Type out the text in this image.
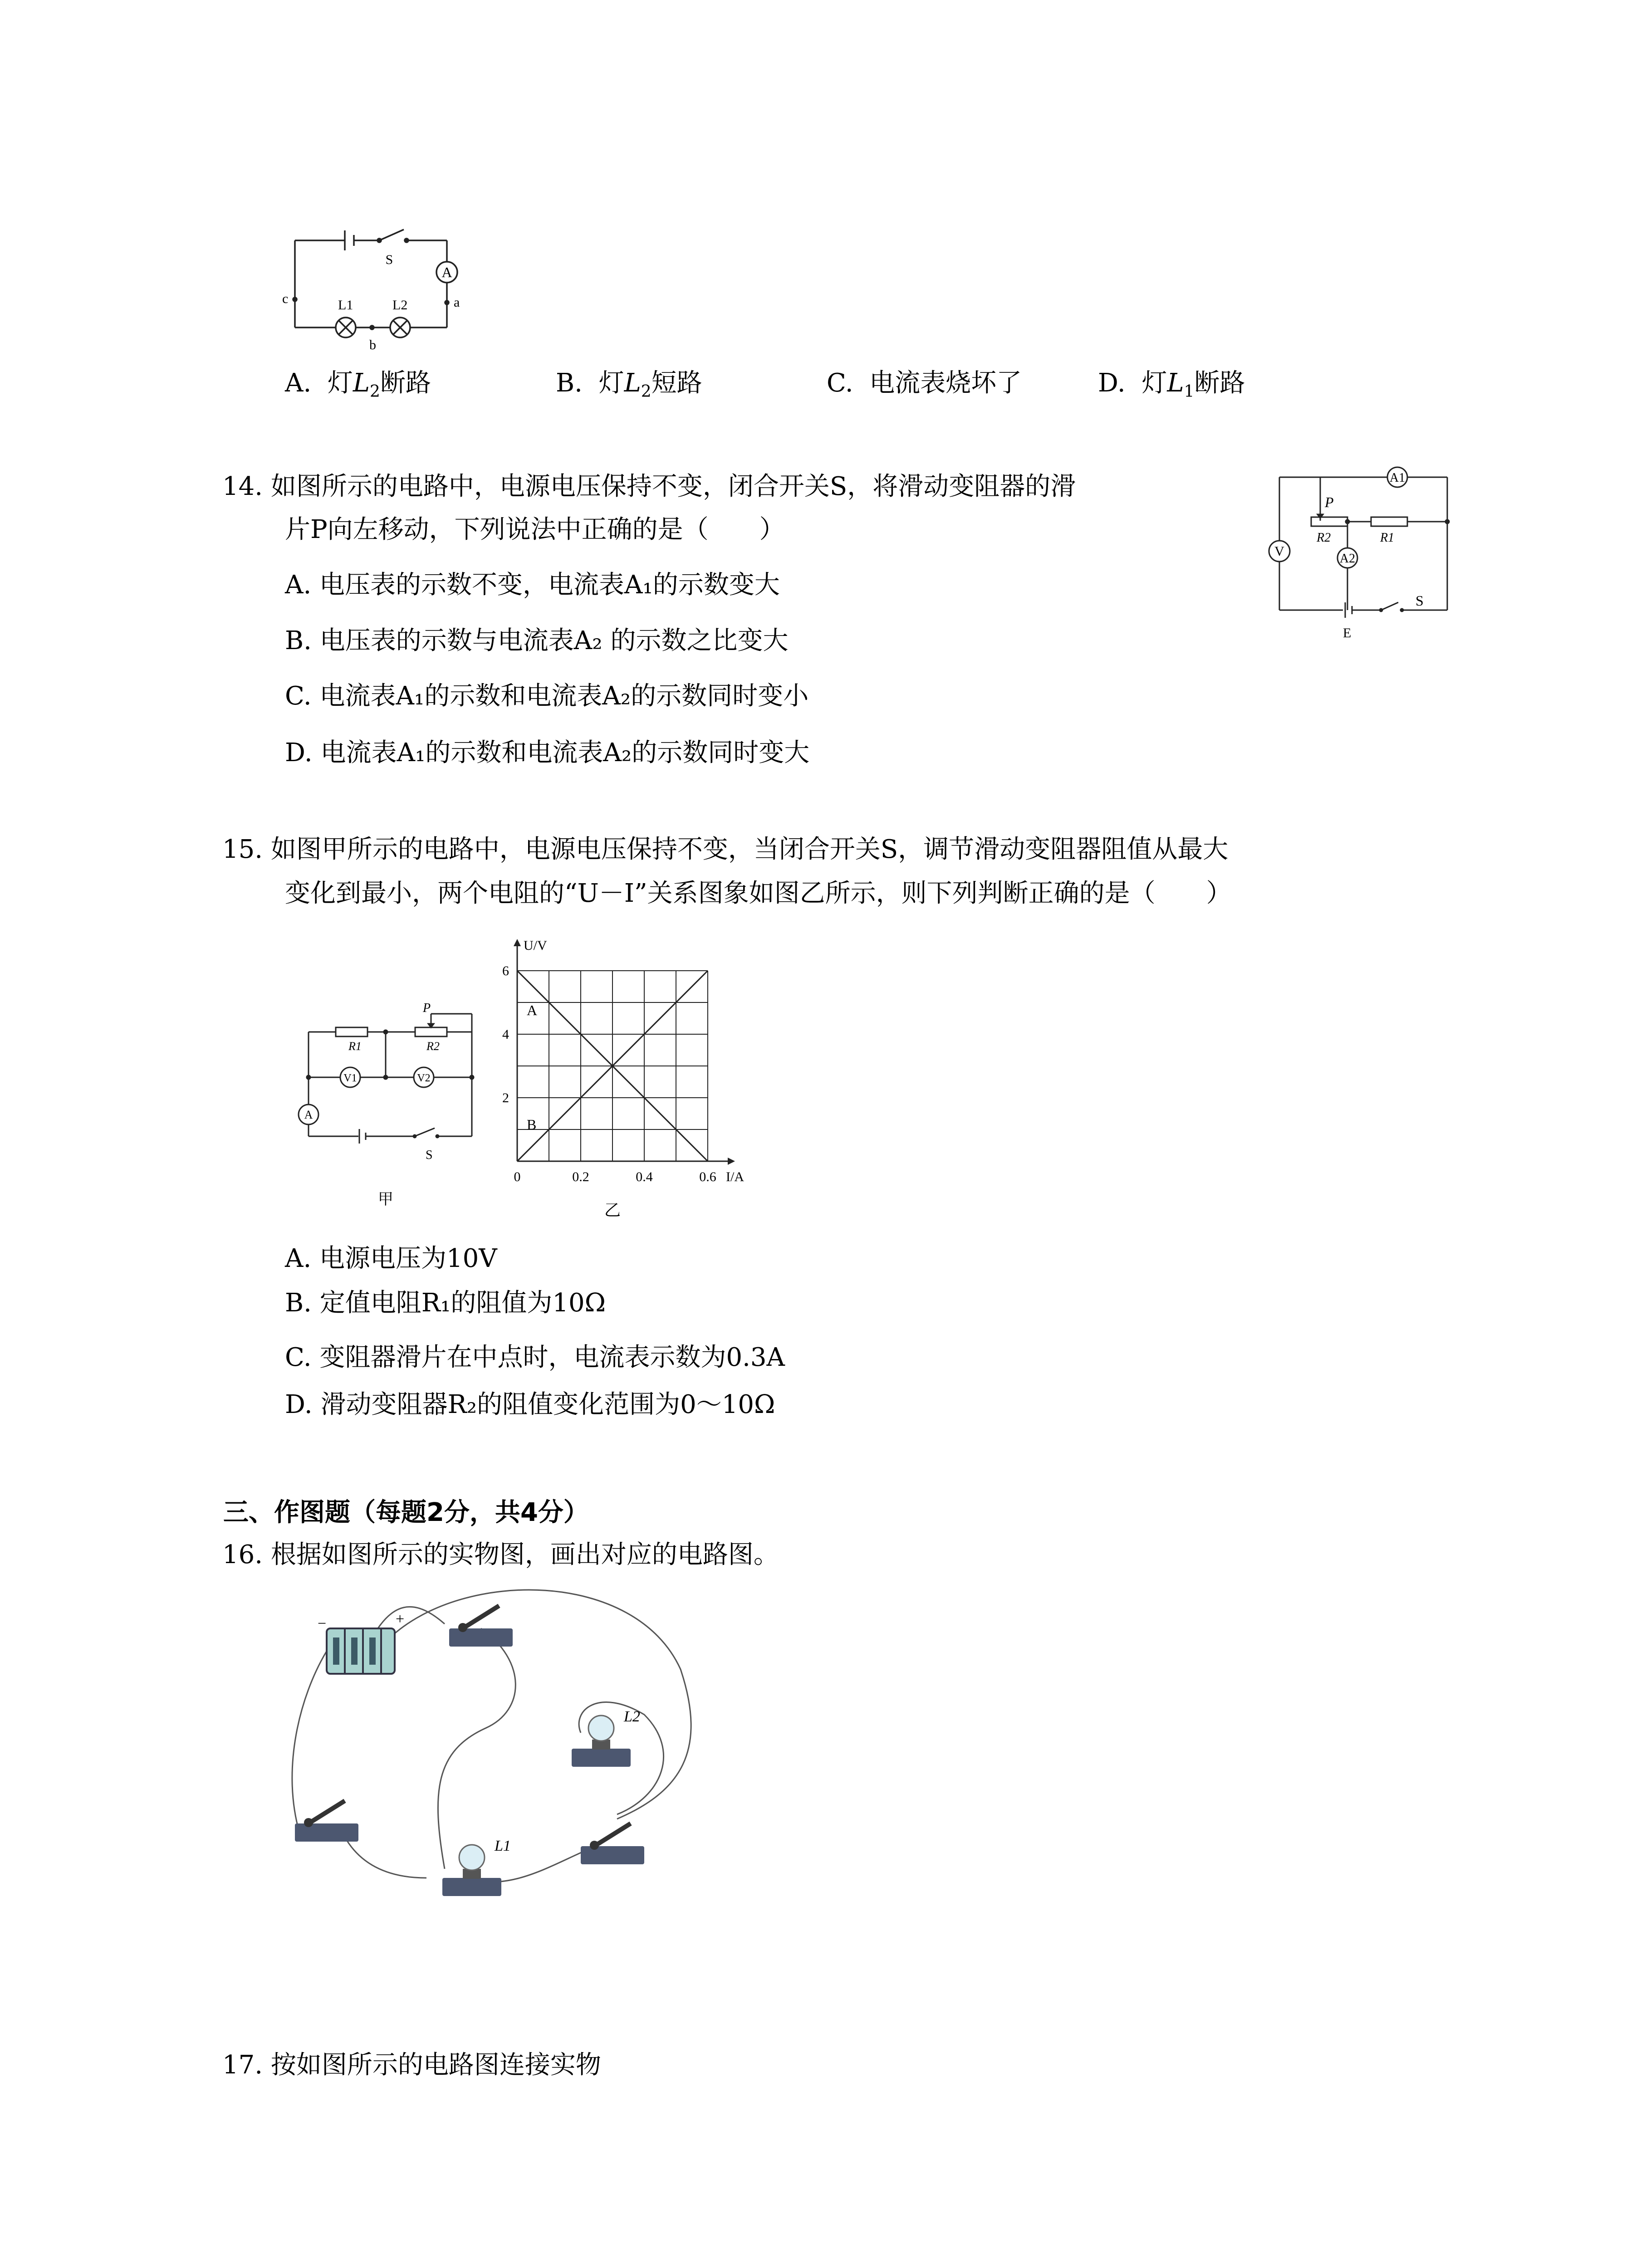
A
S
a
b
c	L1	L2
A. 灯$L_2$断路	B. 灯$L_2$短路	C. 电流表烧坏了	D. 灯$L_1$断路
14. 如图所示的电路中，电源电压保持不变，闭合开关S，将滑动变阻器的滑
片P向左移动，下列说法中正确的是（　　）
A. 电压表的示数不变，电流表A₁的示数变大
B. 电压表的示数与电流表A₂ 的示数之比变大
C. 电流表A₁的示数和电流表A₂的示数同时变小
D. 电流表A₁的示数和电流表A₂的示数同时变大
A1
A2
V
P
R2	R1
S
E
15. 如图甲所示的电路中，电源电压保持不变，当闭合开关S，调节滑动变阻器阻值从最大
变化到最小，两个电阻的“U－I”关系图象如图乙所示，则下列判断正确的是（　　）
R1	R2
V1	V2
A
P
S
甲
A
B
0	0.2	0.4	0.6
2
4
6
I/A
U/V
乙
A. 电源电压为10V
B. 定值电阻R₁的阻值为10Ω
C. 变阻器滑片在中点时，电流表示数为0.3A
D. 滑动变阻器R₂的阻值变化范围为0～10Ω
三、作图题（每题2分，共4分）
16. 根据如图所示的实物图，画出对应的电路图。
−	+
L2
L1
17. 按如图所示的电路图连接实物
